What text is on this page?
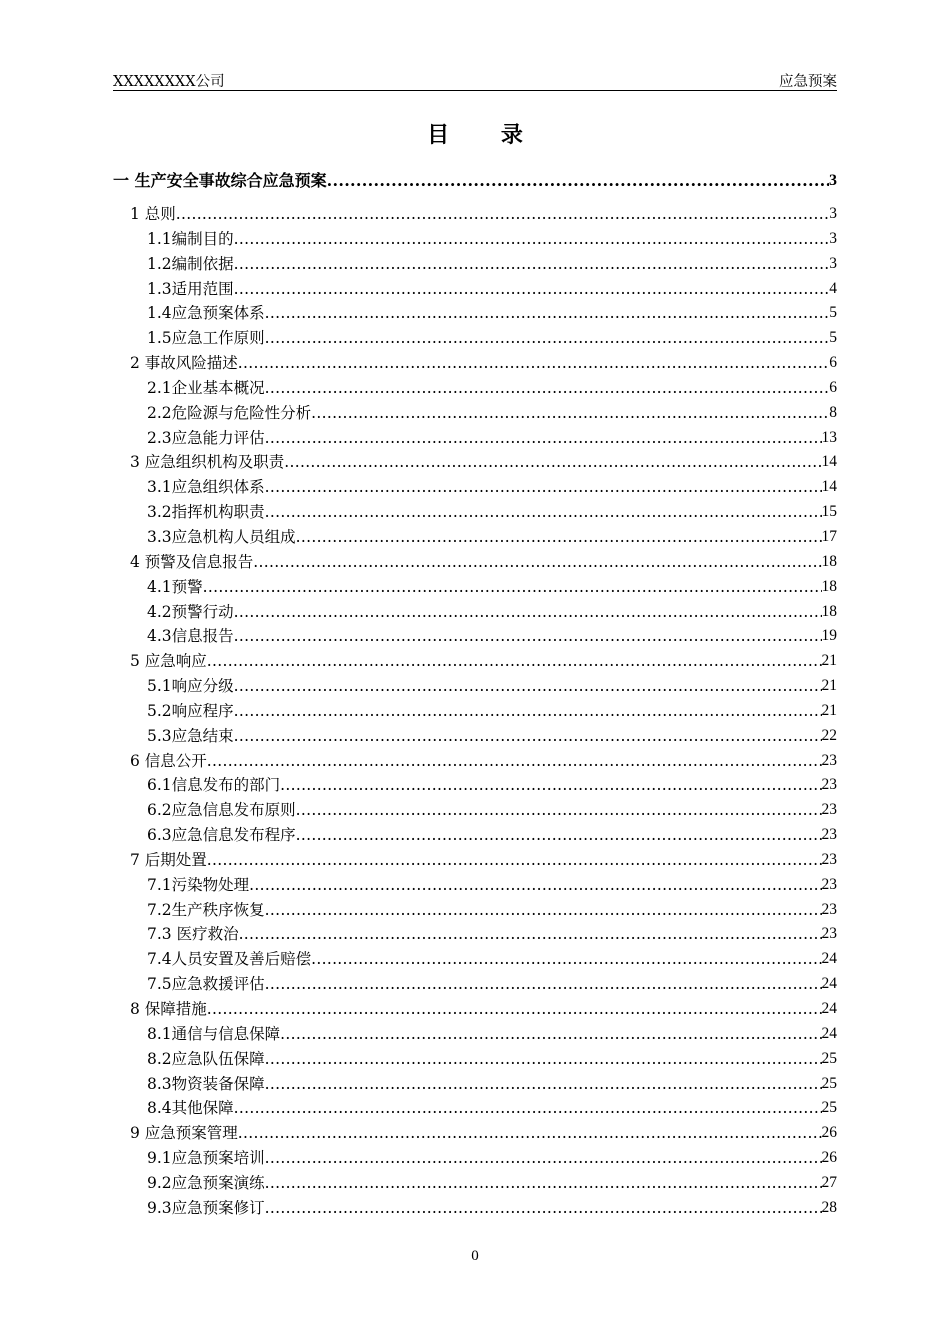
XXXXXXXX公司	应急预案
目 录
一 生产安全事故综合应急预案 .....	3
1 总则 .....	3
1.1编制目的 .....	3
1.2编制依据 .....	3
1.3适用范围 .....	4
1.4应急预案体系 .....	5
1.5应急工作原则 .....	5
2 事故风险描述 .....	6
2.1企业基本概况 .....	6
2.2危险源与危险性分析 .....	8
2.3应急能力评估 .....	13
3 应急组织机构及职责 .....	14
3.1应急组织体系 .....	14
3.2指挥机构职责 .....	15
3.3应急机构人员组成 .....	17
4 预警及信息报告 .....	18
4.1预警 .....	18
4.2预警行动 .....	18
4.3信息报告 .....	19
5 应急响应 .....	21
5.1响应分级 .....	21
5.2响应程序 .....	21
5.3应急结束 .....	22
6 信息公开 .....	23
6.1信息发布的部门 .....	23
6.2应急信息发布原则 .....	23
6.3应急信息发布程序 .....	23
7 后期处置 .....	23
7.1污染物处理 .....	23
7.2生产秩序恢复 .....	23
7.3 医疗救治 .....	23
7.4人员安置及善后赔偿 .....	24
7.5应急救援评估 .....	24
8 保障措施 .....	24
8.1通信与信息保障 .....	24
8.2应急队伍保障 .....	25
8.3物资装备保障 .....	25
8.4其他保障 .....	25
9 应急预案管理 .....	26
9.1应急预案培训 .....	26
9.2应急预案演练 .....	27
9.3应急预案修订 .....	28
0
